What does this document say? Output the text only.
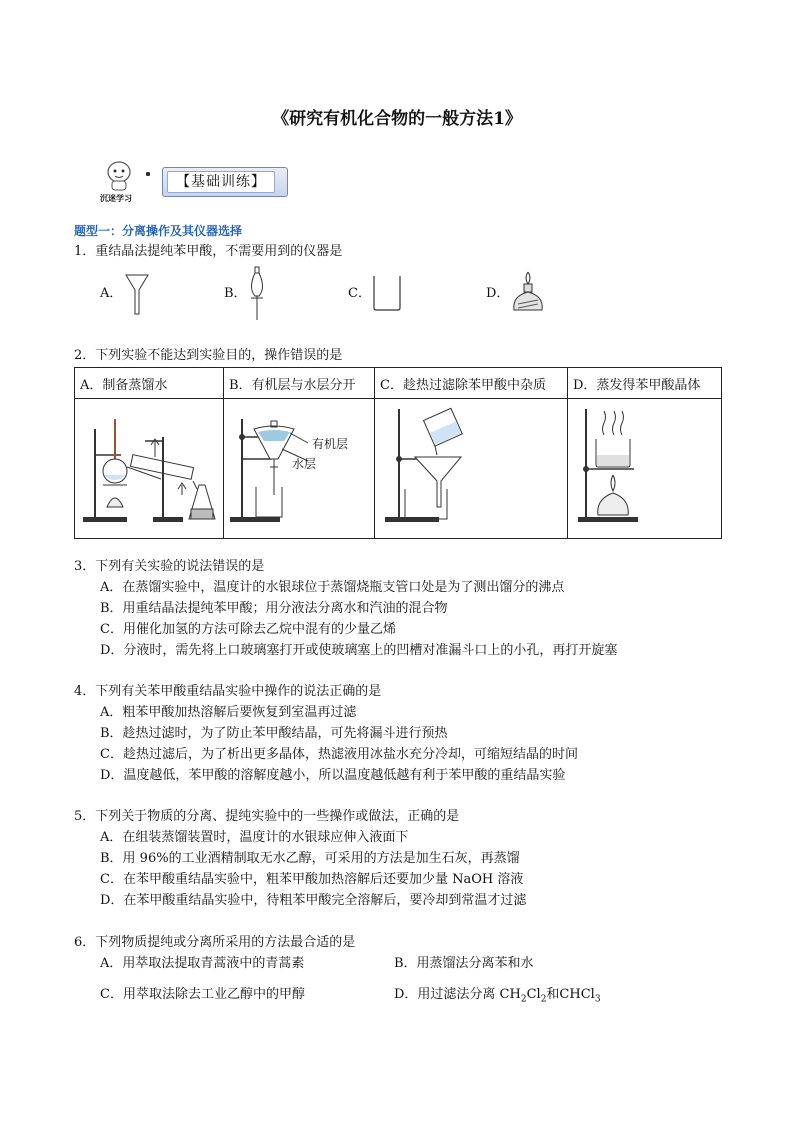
《研究有机化合物的一般方法1》
沉迷学习
【基础训练】
题型一：分离操作及其仪器选择
1．重结晶法提纯苯甲酸，不需要用到的仪器是
A．	B．	C．	D．
2．下列实验不能达到实验目的，操作错误的是
A．制备蒸馏水	B．有机层与水层分开	C．趁热过滤除苯甲酸中杂质	D．蒸发得苯甲酸晶体

有机层
水层

3．下列有关实验的说法错误的是
A．在蒸馏实验中，温度计的水银球位于蒸馏烧瓶支管口处是为了测出馏分的沸点
B．用重结晶法提纯苯甲酸；用分液法分离水和汽油的混合物
C．用催化加氢的方法可除去乙烷中混有的少量乙烯
D．分液时，需先将上口玻璃塞打开或使玻璃塞上的凹槽对准漏斗口上的小孔，再打开旋塞
4．下列有关苯甲酸重结晶实验中操作的说法正确的是
A．粗苯甲酸加热溶解后要恢复到室温再过滤
B．趁热过滤时，为了防止苯甲酸结晶，可先将漏斗进行预热
C．趁热过滤后，为了析出更多晶体，热滤液用冰盐水充分冷却，可缩短结晶的时间
D．温度越低，苯甲酸的溶解度越小，所以温度越低越有利于苯甲酸的重结晶实验
5．下列关于物质的分离、提纯实验中的一些操作或做法，正确的是
A．在组装蒸馏装置时，温度计的水银球应伸入液面下
B．用 96%的工业酒精制取无水乙醇，可采用的方法是加生石灰，再蒸馏
C．在苯甲酸重结晶实验中，粗苯甲酸加热溶解后还要加少量 NaOH 溶液
D．在苯甲酸重结晶实验中，待粗苯甲酸完全溶解后，要冷却到常温才过滤
6．下列物质提纯或分离所采用的方法最合适的是
A．用萃取法提取青蒿液中的青蒿素	B．用蒸馏法分离苯和水
C．用萃取法除去工业乙醇中的甲醇	D．用过滤法分离 $CH_2Cl_2$和CHCl$_3$
